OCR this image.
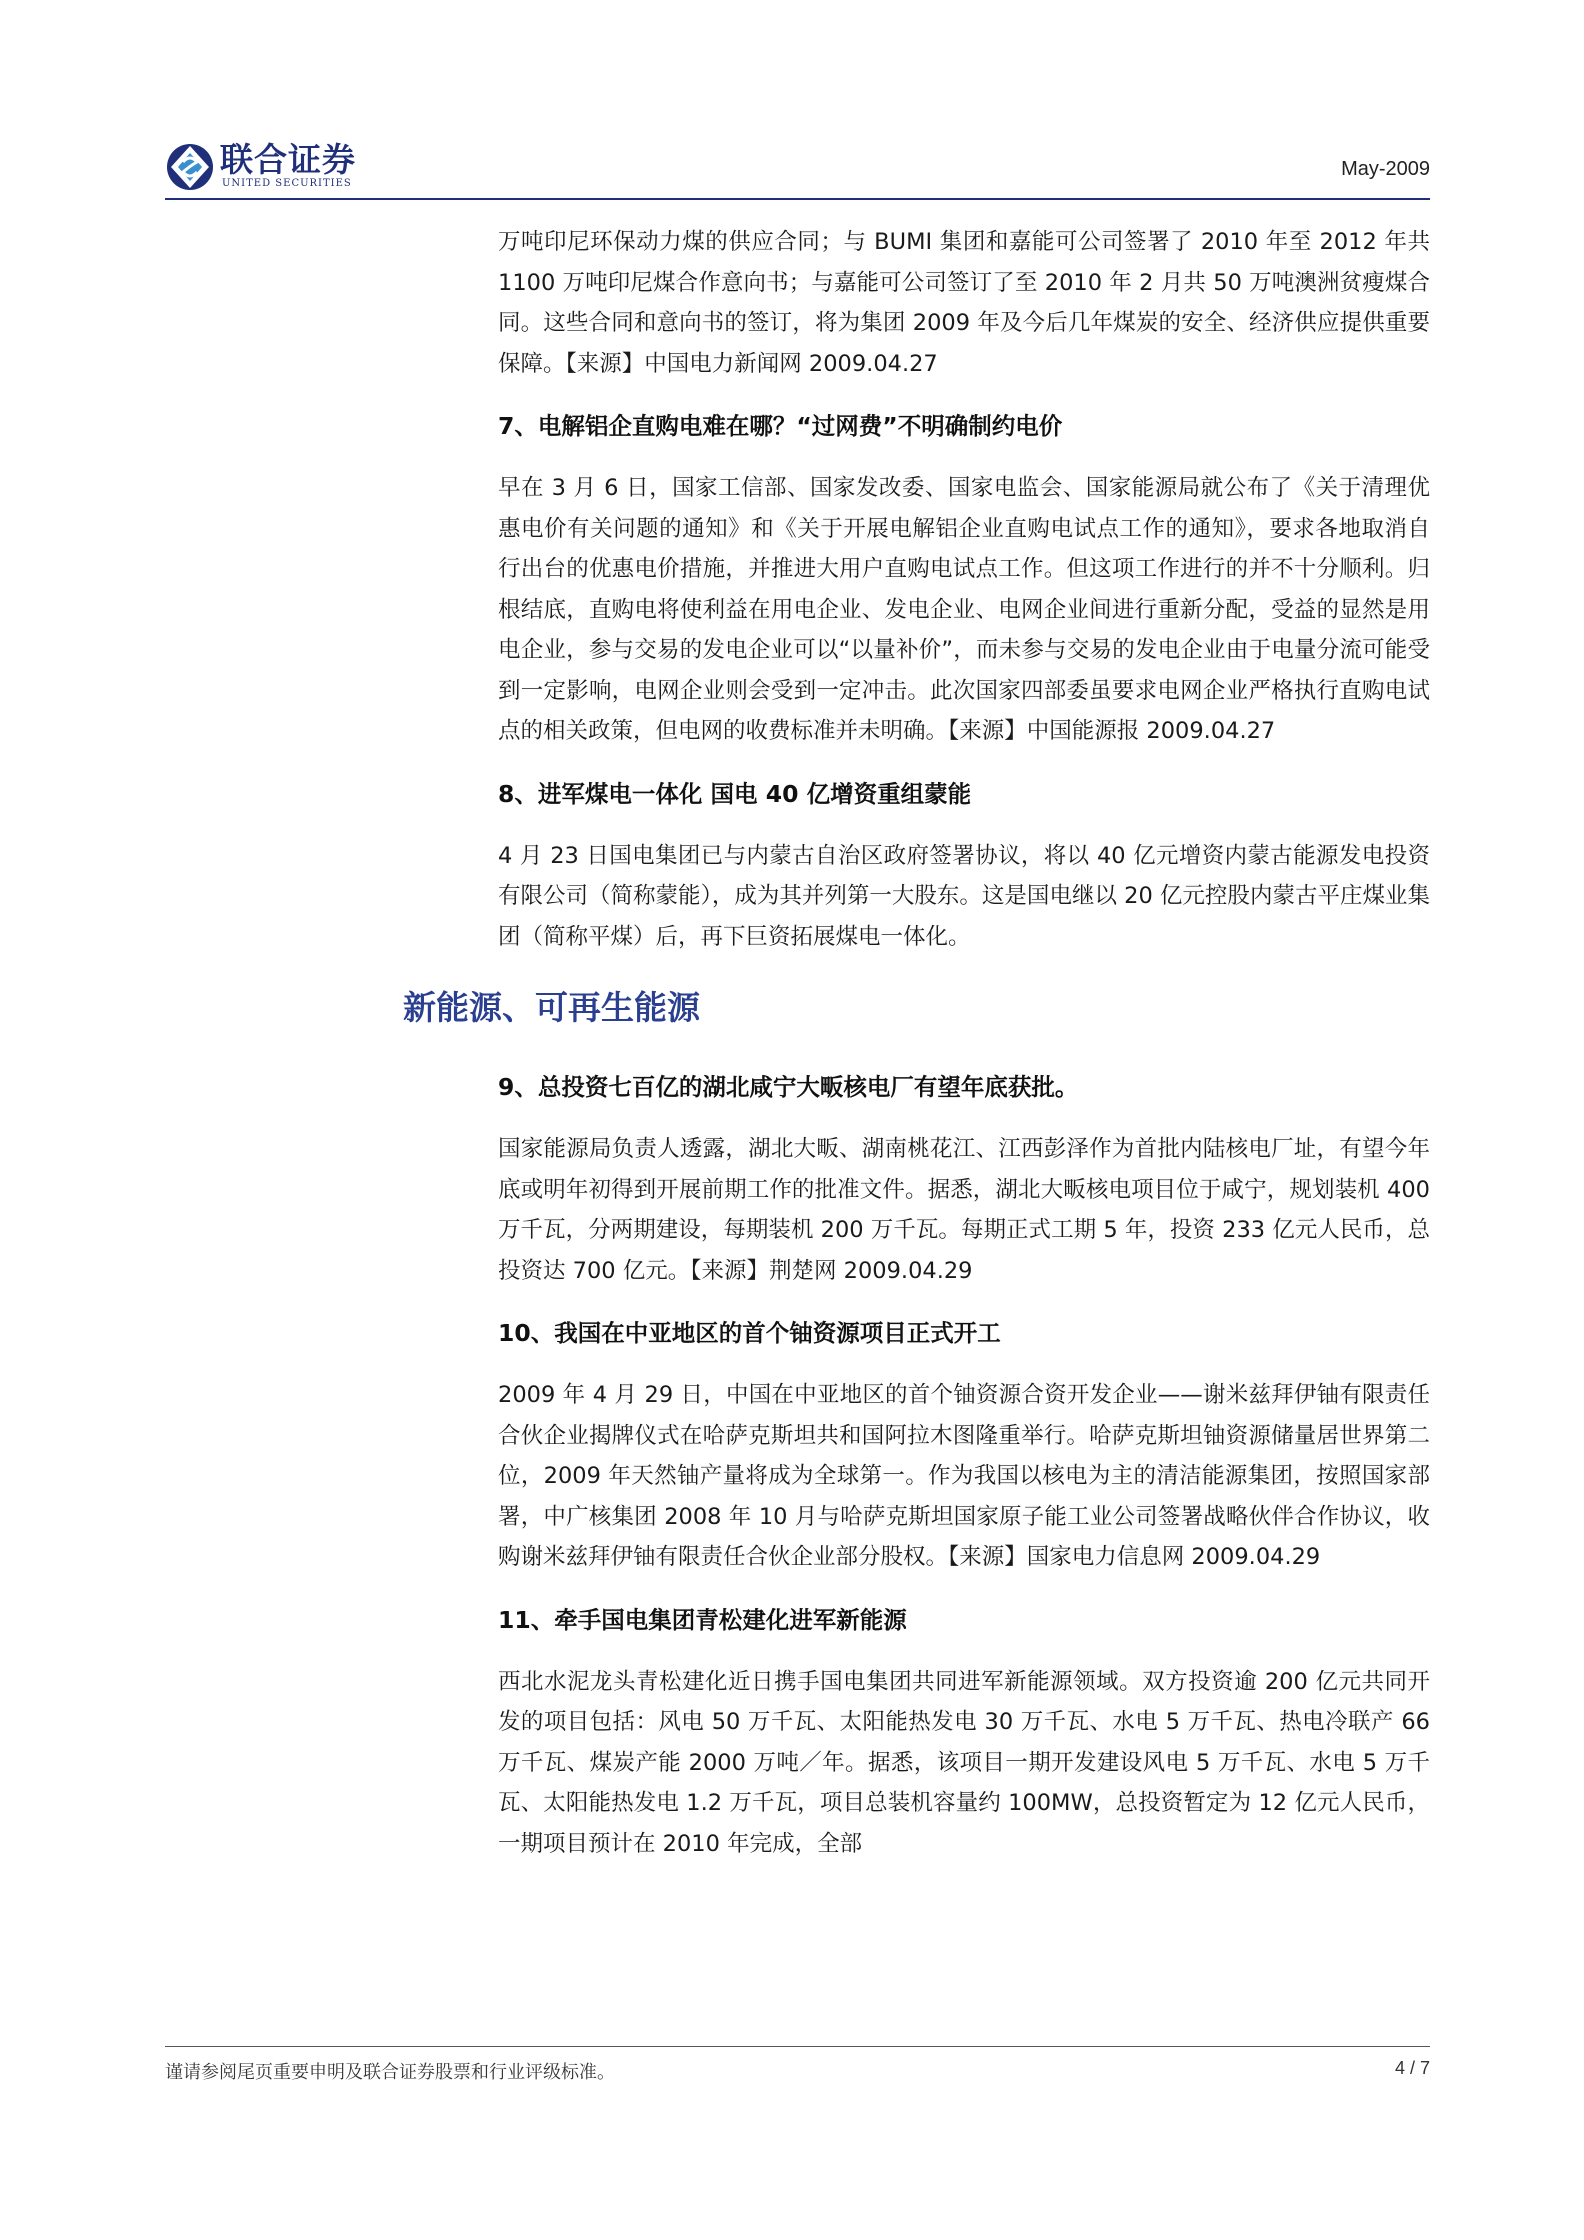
联合证券
UNITED SECURITIES
May-2009

万吨印尼环保动力煤的供应合同；与 BUMI 集团和嘉能可公司签署了 2010 年至 2012 年共 1100 万吨印尼煤合作意向书；与嘉能可公司签订了至 2010 年 2 月共 50 万吨澳洲贫瘦煤合同。这些合同和意向书的签订，将为集团 2009 年及今后几年煤炭的安全、经济供应提供重要保障。【来源】中国电力新闻网 2009.04.27

7、电解铝企直购电难在哪？“过网费”不明确制约电价

早在 3 月 6 日，国家工信部、国家发改委、国家电监会、国家能源局就公布了《关于清理优惠电价有关问题的通知》和《关于开展电解铝企业直购电试点工作的通知》，要求各地取消自行出台的优惠电价措施，并推进大用户直购电试点工作。但这项工作进行的并不十分顺利。归根结底，直购电将使利益在用电企业、发电企业、电网企业间进行重新分配，受益的显然是用电企业，参与交易的发电企业可以“以量补价”，而未参与交易的发电企业由于电量分流可能受到一定影响，电网企业则会受到一定冲击。此次国家四部委虽要求电网企业严格执行直购电试点的相关政策，但电网的收费标准并未明确。【来源】中国能源报 2009.04.27

8、进军煤电一体化 国电 40 亿增资重组蒙能

4 月 23 日国电集团已与内蒙古自治区政府签署协议，将以 40 亿元增资内蒙古能源发电投资有限公司（简称蒙能），成为其并列第一大股东。这是国电继以 20 亿元控股内蒙古平庄煤业集团（简称平煤）后，再下巨资拓展煤电一体化。

新能源、可再生能源
9、总投资七百亿的湖北咸宁大畈核电厂有望年底获批。

国家能源局负责人透露，湖北大畈、湖南桃花江、江西彭泽作为首批内陆核电厂址，有望今年底或明年初得到开展前期工作的批准文件。据悉，湖北大畈核电项目位于咸宁，规划装机 400 万千瓦，分两期建设，每期装机 200 万千瓦。每期正式工期 5 年，投资 233 亿元人民币，总投资达 700 亿元。【来源】荆楚网 2009.04.29

10、我国在中亚地区的首个铀资源项目正式开工

2009 年 4 月 29 日，中国在中亚地区的首个铀资源合资开发企业——谢米兹拜伊铀有限责任合伙企业揭牌仪式在哈萨克斯坦共和国阿拉木图隆重举行。哈萨克斯坦铀资源储量居世界第二位，2009 年天然铀产量将成为全球第一。作为我国以核电为主的清洁能源集团，按照国家部署，中广核集团 2008 年 10 月与哈萨克斯坦国家原子能工业公司签署战略伙伴合作协议，收购谢米兹拜伊铀有限责任合伙企业部分股权。【来源】国家电力信息网 2009.04.29

11、牵手国电集团青松建化进军新能源

西北水泥龙头青松建化近日携手国电集团共同进军新能源领域。双方投资逾 200 亿元共同开发的项目包括：风电 50 万千瓦、太阳能热发电 30 万千瓦、水电 5 万千瓦、热电冷联产 66 万千瓦、煤炭产能 2000 万吨／年。据悉，该项目一期开发建设风电 5 万千瓦、水电 5 万千瓦、太阳能热发电 1.2 万千瓦，项目总装机容量约 100MW，总投资暂定为 12 亿元人民币，一期项目预计在 2010 年完成，全部

谨请参阅尾页重要申明及联合证券股票和行业评级标准。	4 / 7
